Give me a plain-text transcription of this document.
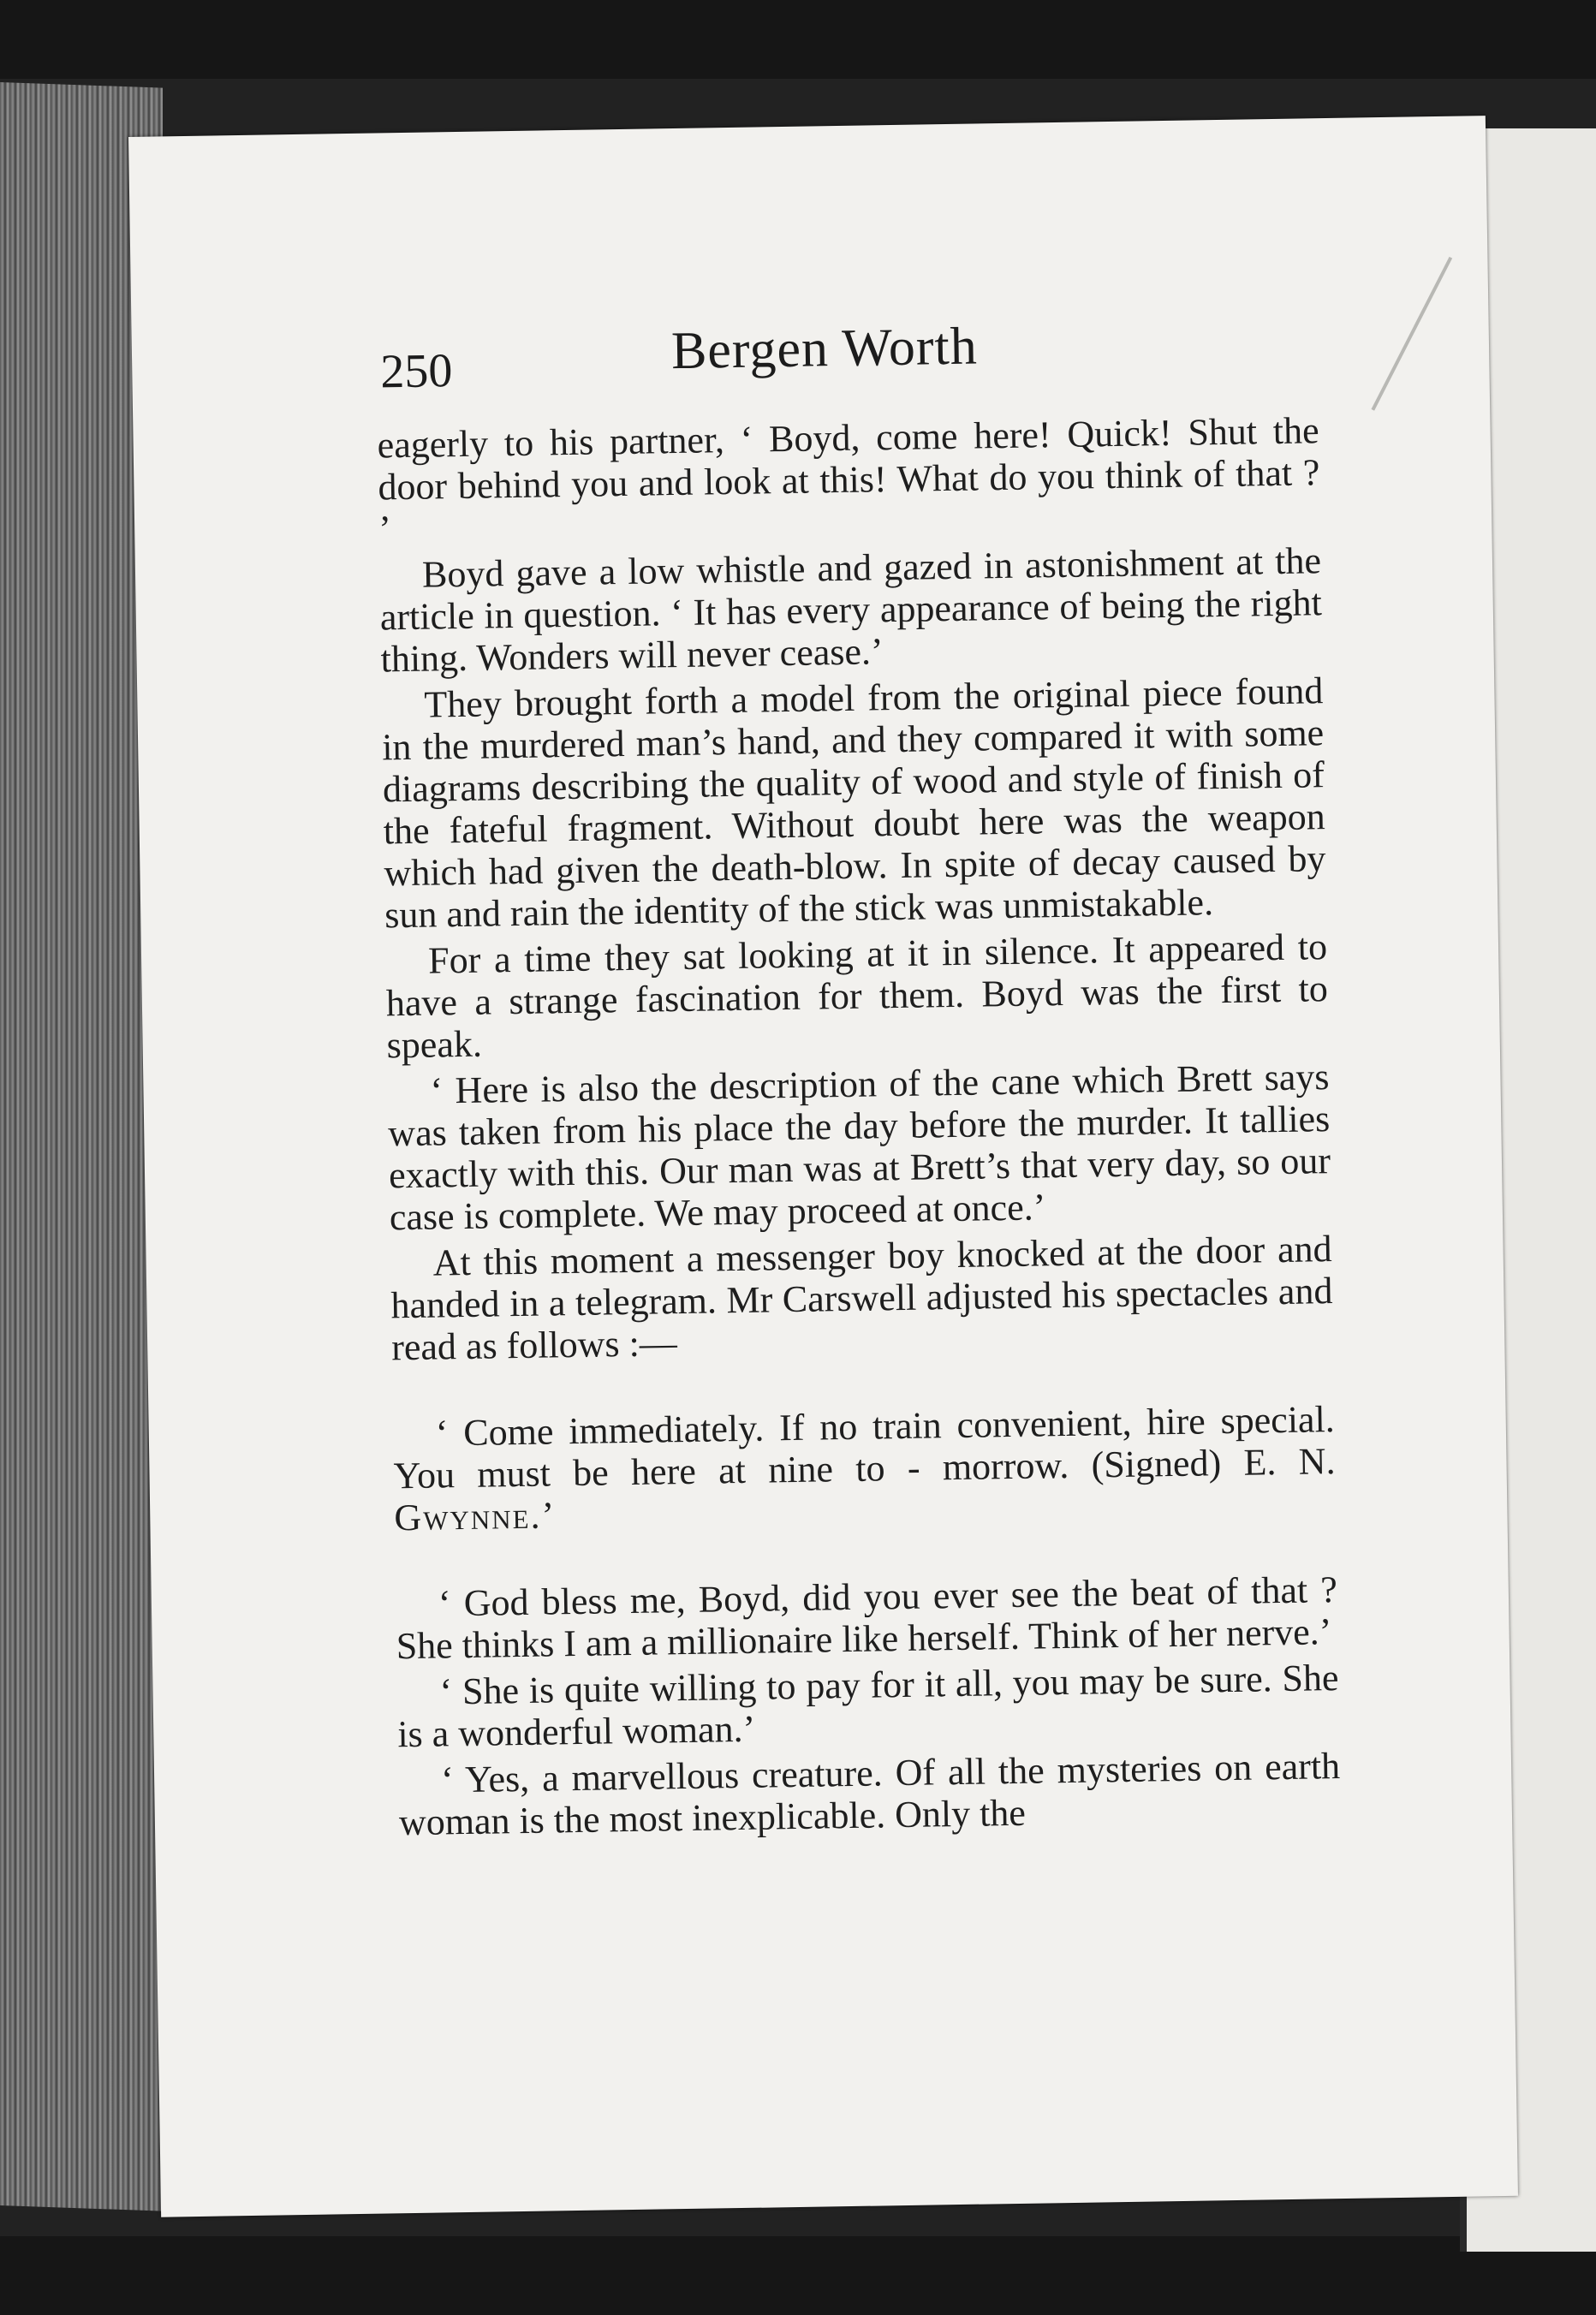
250	Bergen Worth

eagerly to his partner, ‘ Boyd, come here! Quick! Shut the door behind you and look at this! What do you think of that ? ’

Boyd gave a low whistle and gazed in astonishment at the article in question. ‘ It has every appearance of being the right thing. Wonders will never cease.’

They brought forth a model from the original piece found in the murdered man’s hand, and they compared it with some diagrams describing the quality of wood and style of finish of the fateful fragment. Without doubt here was the weapon which had given the death-blow. In spite of decay caused by sun and rain the identity of the stick was unmistakable.

For a time they sat looking at it in silence. It appeared to have a strange fascination for them. Boyd was the first to speak.

‘ Here is also the description of the cane which Brett says was taken from his place the day before the murder. It tallies exactly with this. Our man was at Brett’s that very day, so our case is complete. We may proceed at once.’

At this moment a messenger boy knocked at the door and handed in a telegram. Mr Carswell adjusted his spectacles and read as follows :—

‘ Come immediately. If no train convenient, hire special. You must be here at nine to - morrow. (Signed) E. N. Gwynne.’

‘ God bless me, Boyd, did you ever see the beat of that ? She thinks I am a millionaire like herself. Think of her nerve.’

‘ She is quite willing to pay for it all, you may be sure. She is a wonderful woman.’

‘ Yes, a marvellous creature. Of all the mysteries on earth woman is the most inexplicable. Only the
